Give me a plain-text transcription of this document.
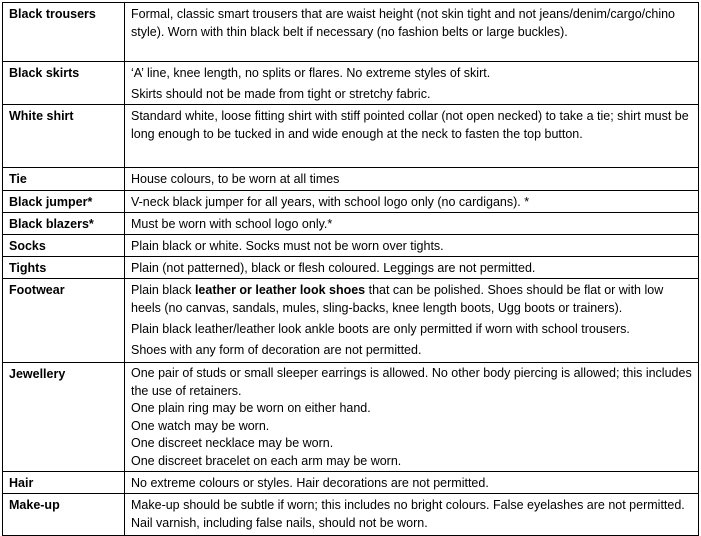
Black trousers	Formal, classic smart trousers that are waist height (not skin tight and not jeans/denim/cargo/chino style). Worn with thin black belt if necessary (no fashion belts or large buckles).

Black skirts	‘A’ line, knee length, no splits or flares. No extreme styles of skirt.

Skirts should not be made from tight or stretchy fabric.

White shirt	Standard white, loose fitting shirt with stiff pointed collar (not open necked) to take a tie; shirt must be long enough to be tucked in and wide enough at the neck to fasten the top button.

Tie	House colours, to be worn at all times

Black jumper*	V-neck black jumper for all years, with school logo only (no cardigans). *

Black blazers*	Must be worn with school logo only.*

Socks	Plain black or white. Socks must not be worn over tights.

Tights	Plain (not patterned), black or flesh coloured. Leggings are not permitted.

Footwear	Plain black leather or leather look shoes that can be polished. Shoes should be flat or with low heels (no canvas, sandals, mules, sling-backs, knee length boots, Ugg boots or trainers).

Plain black leather/leather look ankle boots are only permitted if worn with school trousers.

Shoes with any form of decoration are not permitted.

Jewellery	One pair of studs or small sleeper earrings is allowed. No other body piercing is allowed; this includes the use of retainers.

One plain ring may be worn on either hand.

One watch may be worn.

One discreet necklace may be worn.

One discreet bracelet on each arm may be worn.

Hair	No extreme colours or styles. Hair decorations are not permitted.

Make-up	Make-up should be subtle if worn; this includes no bright colours. False eyelashes are not permitted. Nail varnish, including false nails, should not be worn.
